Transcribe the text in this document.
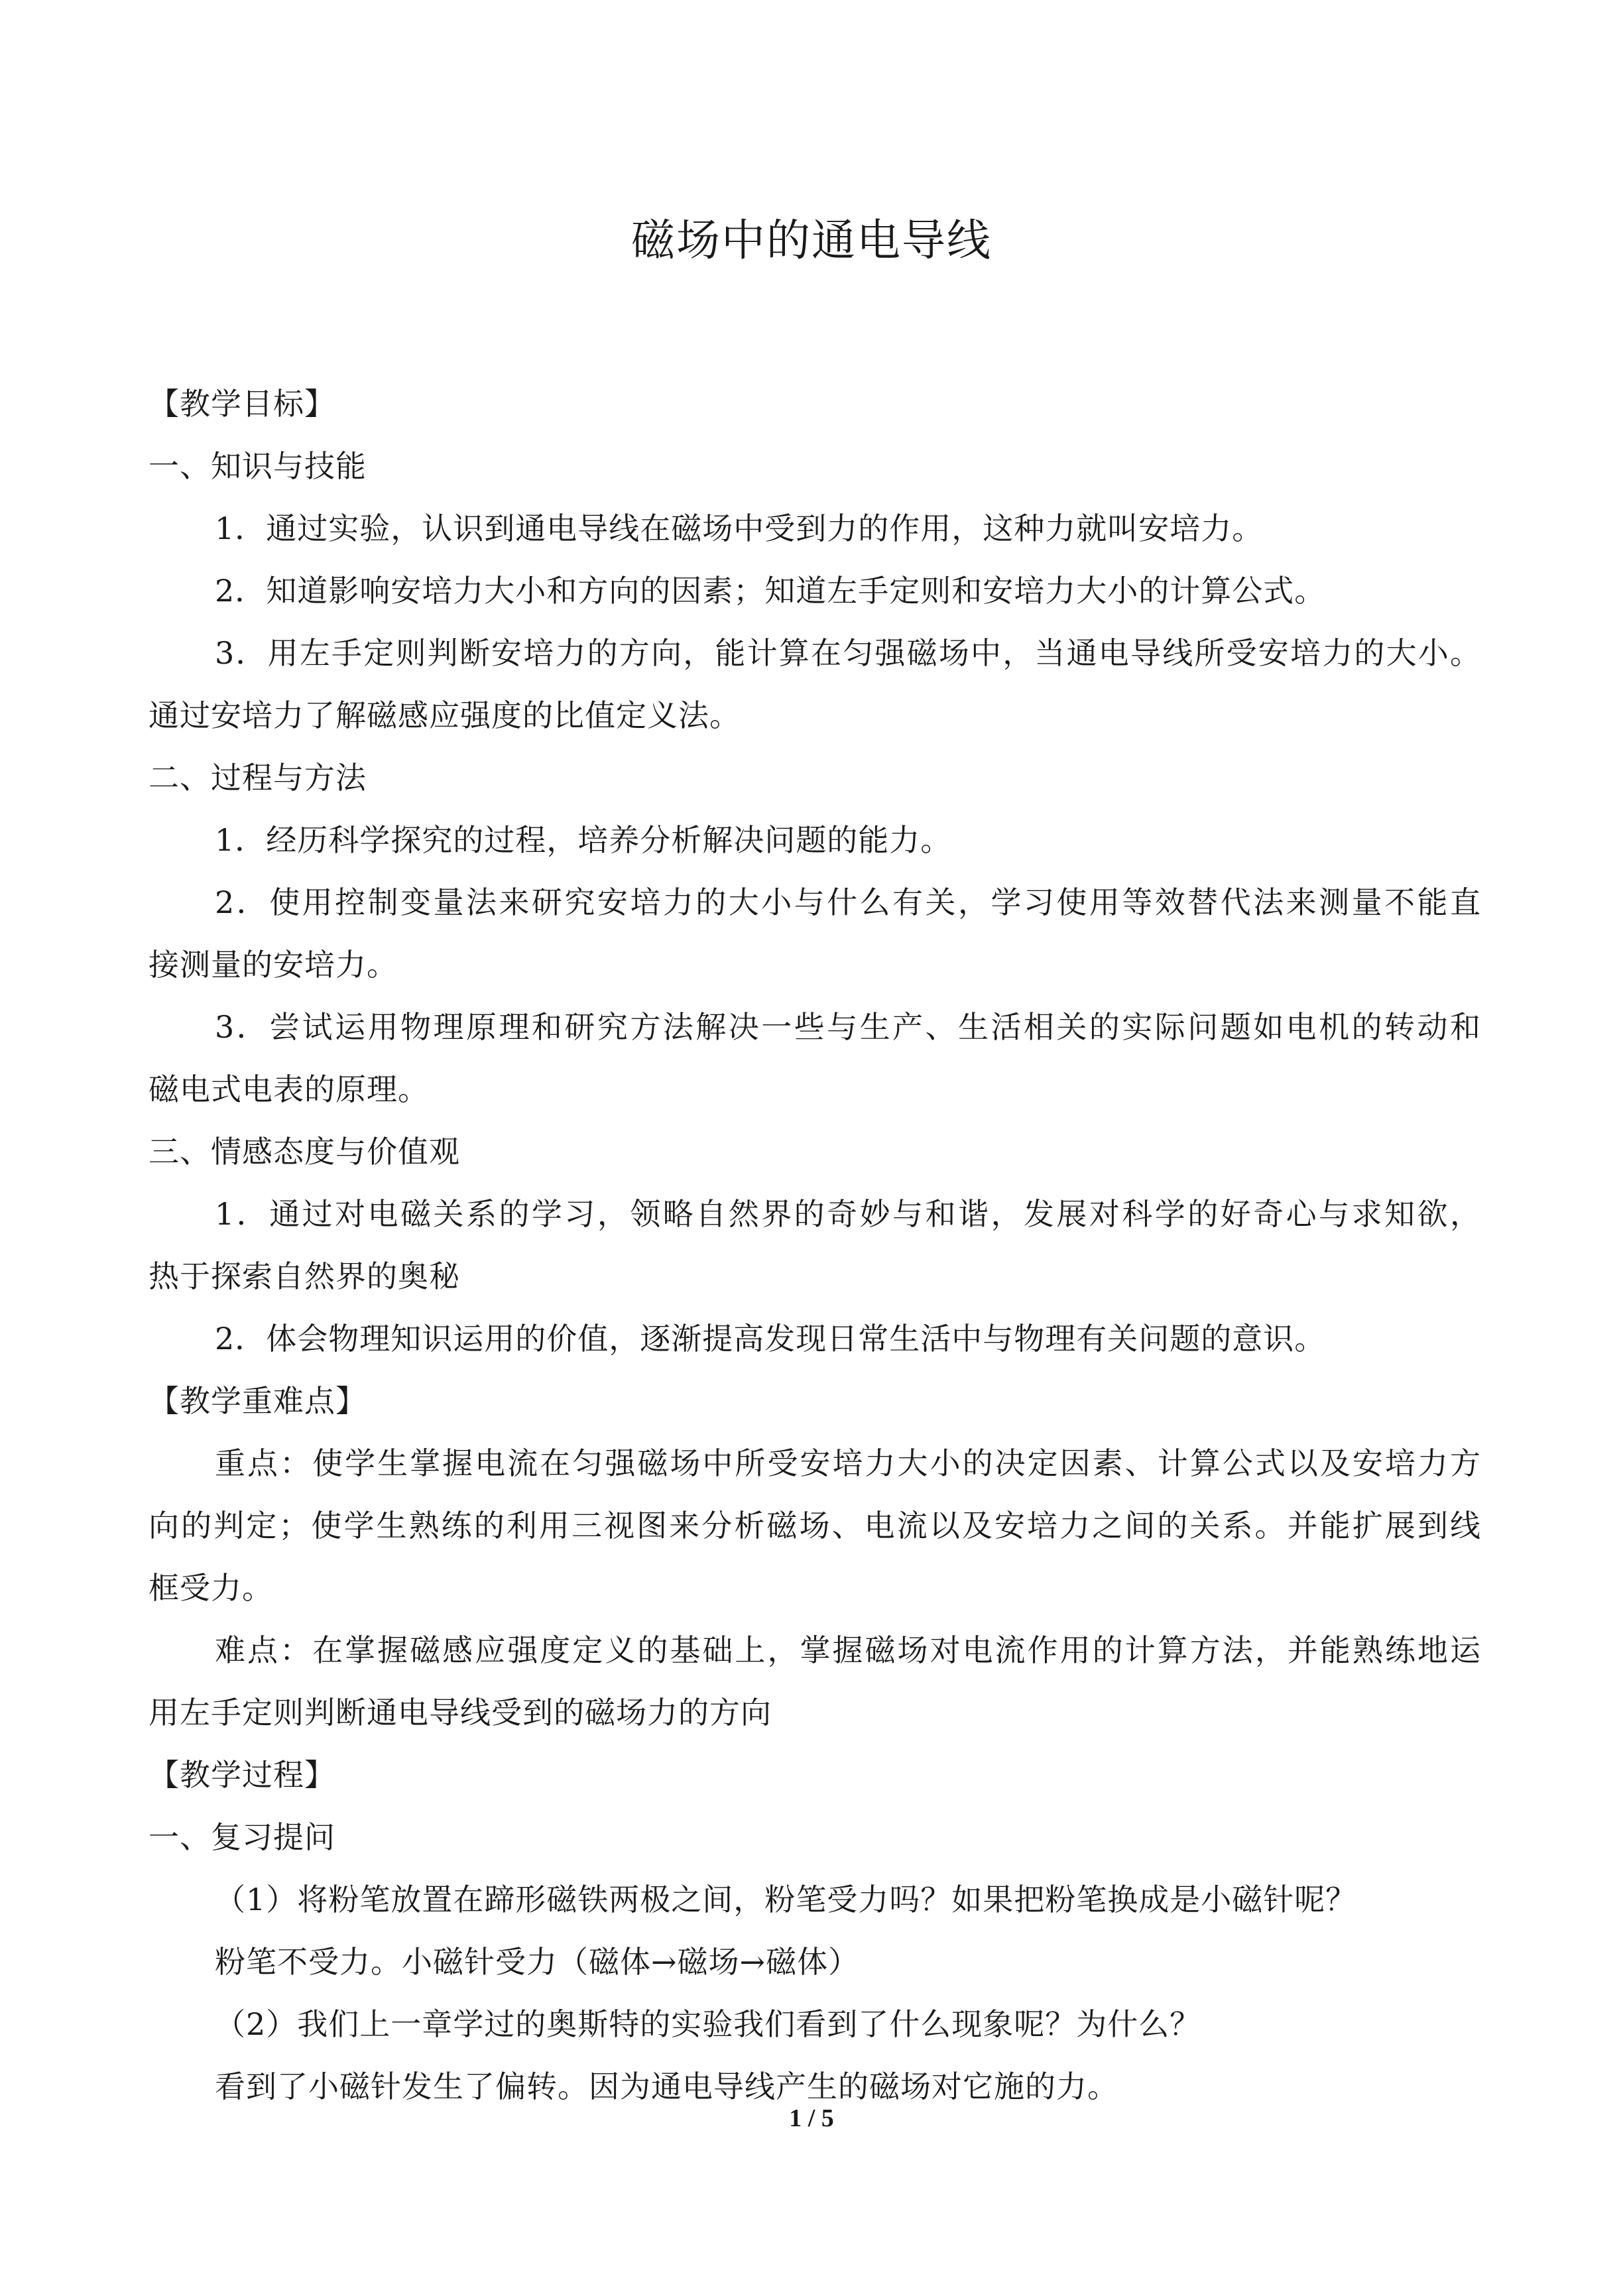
磁场中的通电导线
【教学目标】
一、知识与技能
1．通过实验，认识到通电导线在磁场中受到力的作用，这种力就叫安培力。
2．知道影响安培力大小和方向的因素；知道左手定则和安培力大小的计算公式。
3．用左手定则判断安培力的方向，能计算在匀强磁场中，当通电导线所受安培力的大小。
通过安培力了解磁感应强度的比值定义法。
二、过程与方法
1．经历科学探究的过程，培养分析解决问题的能力。
2．使用控制变量法来研究安培力的大小与什么有关，学习使用等效替代法来测量不能直
接测量的安培力。
3．尝试运用物理原理和研究方法解决一些与生产、生活相关的实际问题如电机的转动和
磁电式电表的原理。
三、情感态度与价值观
1．通过对电磁关系的学习，领略自然界的奇妙与和谐，发展对科学的好奇心与求知欲，
热于探索自然界的奥秘
2．体会物理知识运用的价值，逐渐提高发现日常生活中与物理有关问题的意识。
【教学重难点】
重点：使学生掌握电流在匀强磁场中所受安培力大小的决定因素、计算公式以及安培力方
向的判定；使学生熟练的利用三视图来分析磁场、电流以及安培力之间的关系。并能扩展到线
框受力。
难点：在掌握磁感应强度定义的基础上，掌握磁场对电流作用的计算方法，并能熟练地运
用左手定则判断通电导线受到的磁场力的方向
【教学过程】
一、复习提问
（1）将粉笔放置在蹄形磁铁两极之间，粉笔受力吗？如果把粉笔换成是小磁针呢？
粉笔不受力。小磁针受力（磁体→磁场→磁体）
（2）我们上一章学过的奥斯特的实验我们看到了什么现象呢？为什么？
看到了小磁针发生了偏转。因为通电导线产生的磁场对它施的力。
1 / 5
